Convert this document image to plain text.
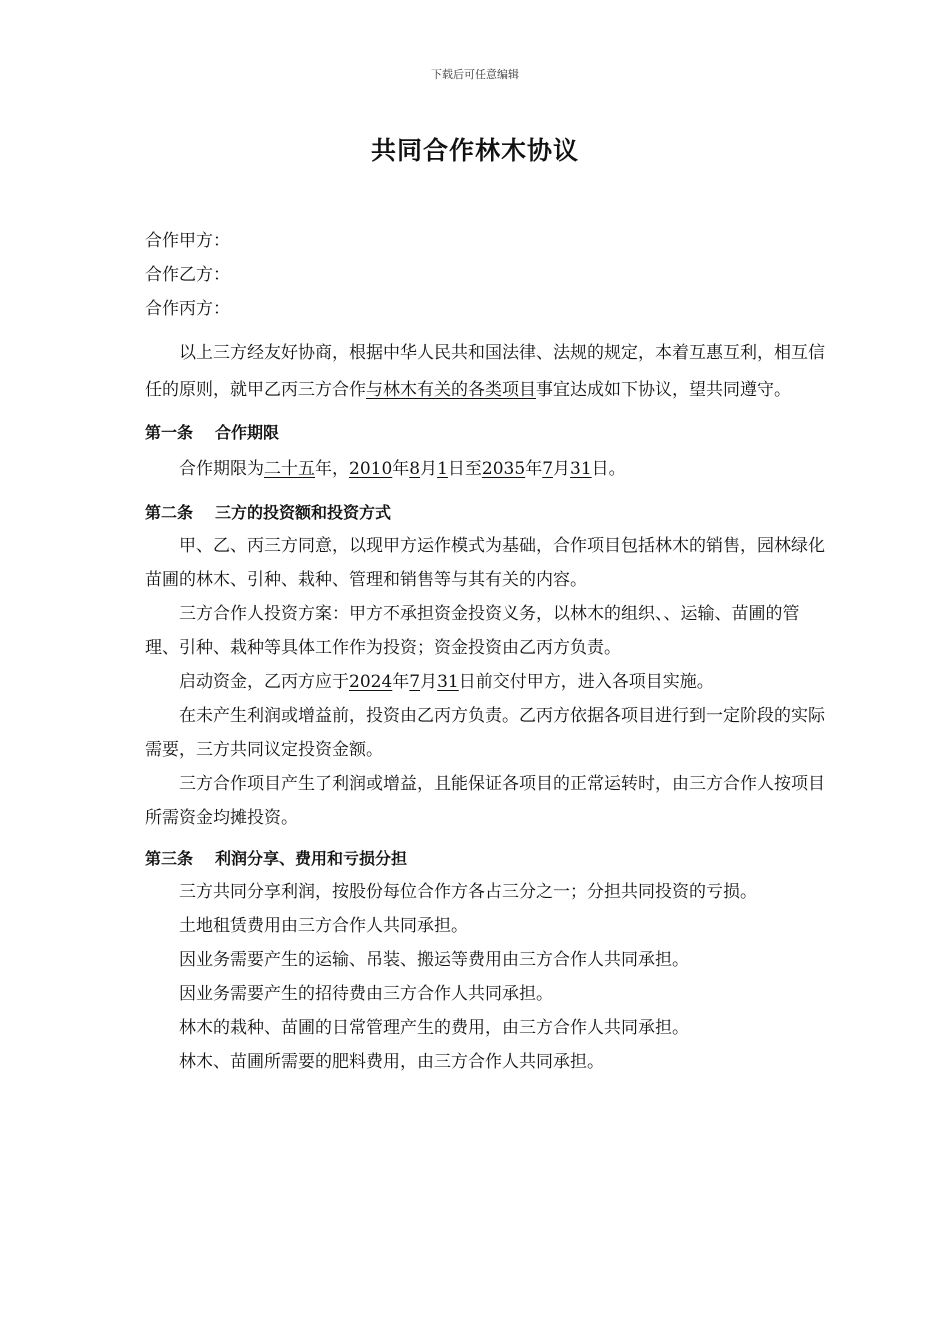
下载后可任意编辑
共同合作林木协议
合作甲方：
合作乙方：
合作丙方：

以上三方经友好协商，根据中华人民共和国法律、法规的规定，本着互惠互利，相互信任的原则，就甲乙丙三方合作与林木有关的各类项目事宜达成如下协议，望共同遵守。

第一条 合作期限

合作期限为二十五年，2010年8月1日至2035年7月31日。

第二条 三方的投资额和投资方式

甲、乙、丙三方同意，以现甲方运作模式为基础，合作项目包括林木的销售，园林绿化苗圃的林木、引种、栽种、管理和销售等与其有关的内容。

三方合作人投资方案：甲方不承担资金投资义务，以林木的组织、、运输、苗圃的管理、引种、栽种等具体工作作为投资；资金投资由乙丙方负责。

启动资金，乙丙方应于2024年7月31日前交付甲方，进入各项目实施。

在未产生利润或增益前，投资由乙丙方负责。乙丙方依据各项目进行到一定阶段的实际需要，三方共同议定投资金额。

三方合作项目产生了利润或增益，且能保证各项目的正常运转时，由三方合作人按项目所需资金均摊投资。

第三条 利润分享、费用和亏损分担

三方共同分享利润，按股份每位合作方各占三分之一；分担共同投资的亏损。

土地租赁费用由三方合作人共同承担。

因业务需要产生的运输、吊装、搬运等费用由三方合作人共同承担。

因业务需要产生的招待费由三方合作人共同承担。

林木的栽种、苗圃的日常管理产生的费用，由三方合作人共同承担。

林木、苗圃所需要的肥料费用，由三方合作人共同承担。
